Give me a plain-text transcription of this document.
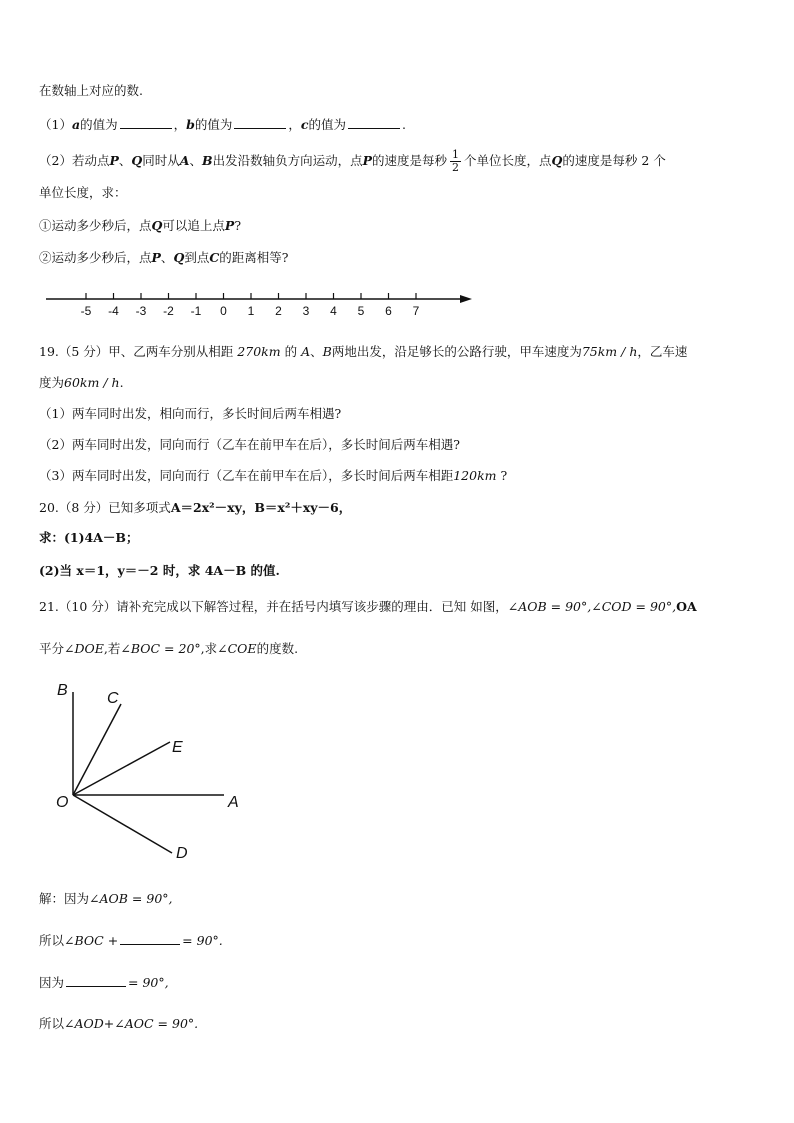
在数轴上对应的数.
（1）a的值为	，b的值为	，c的值为	.
（2）若动点P、Q同时从A、B出发沿数轴负方向运动，点P的速度是每秒 $\frac{1}{2}$ 个单位长度，点Q的速度是每秒 2 个
单位长度，求：
①运动多少秒后，点Q可以追上点P?
②运动多少秒后，点P、Q到点C的距离相等?
-5 -4 -3 -2 -1 0 1 2 3 4 5 6 7
19.（5 分）甲、乙两车分别从相距 270km 的 A、B两地出发，沿足够长的公路行驶，甲车速度为75km / h，乙车速
度为60km / h.
（1）两车同时出发，相向而行，多长时间后两车相遇?
（2）两车同时出发，同向而行（乙车在前甲车在后），多长时间后两车相遇?
（3）两车同时出发，同向而行（乙车在前甲车在后），多长时间后两车相距120km ?
20.（8 分）已知多项式A＝2x²－xy，B＝x²＋xy－6，
求：(1)4A－B；
(2)当 x＝1，y＝－2 时，求 4A－B 的值.
21.（10 分）请补充完成以下解答过程，并在括号内填写该步骤的理由．已知 如图，∠AOB = 90°,∠COD = 90°,OA
平分∠DOE,若∠BOC = 20°,求∠COE的度数.
B C
E
O	A
D
解：因为∠AOB = 90°,
所以∠BOC +	= 90°.
因为	= 90°,
所以∠AOD+∠AOC = 90°.
